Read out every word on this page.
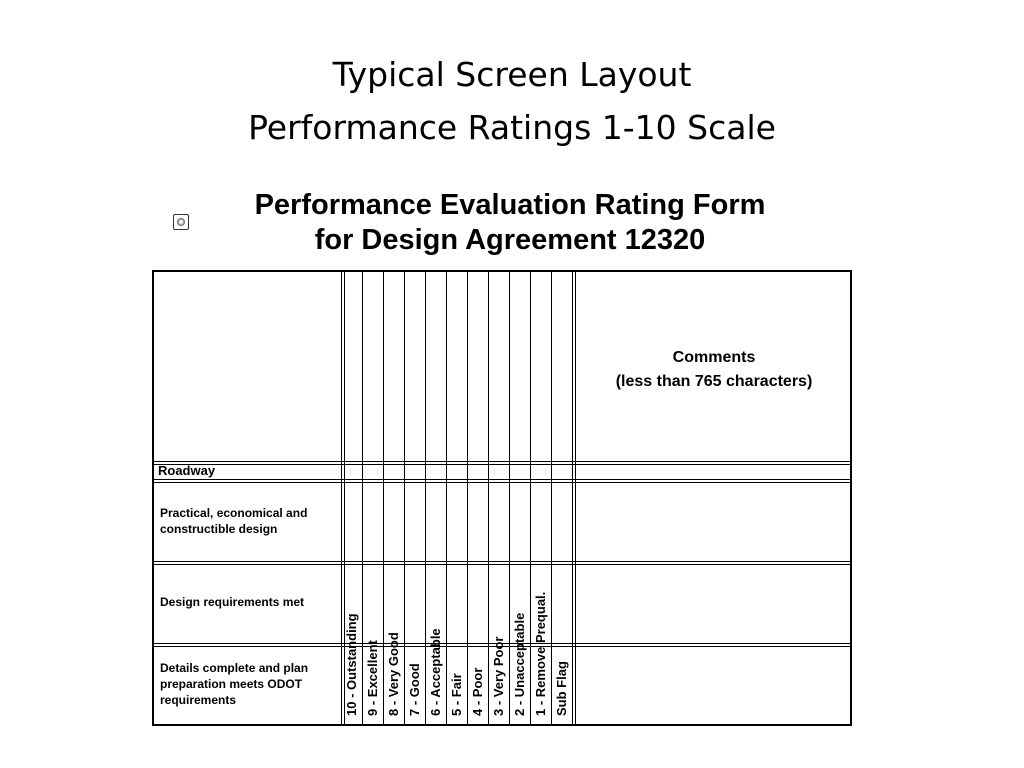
Typical Screen Layout
Performance Ratings 1-10 Scale
Performance Evaluation Rating Form
for Design Agreement 12320
10 - Outstanding 9 - Excellent 8 - Very Good 7 - Good 6 - Acceptable 5 - Fair 4 - Poor 3 - Very Poor 2 - Unacceptable 1 - Remove Prequal. Sub Flag
Comments
(less than 765 characters)
Roadway
Practical, economical and constructible design
Design requirements met
Details complete and plan preparation meets ODOT requirements
